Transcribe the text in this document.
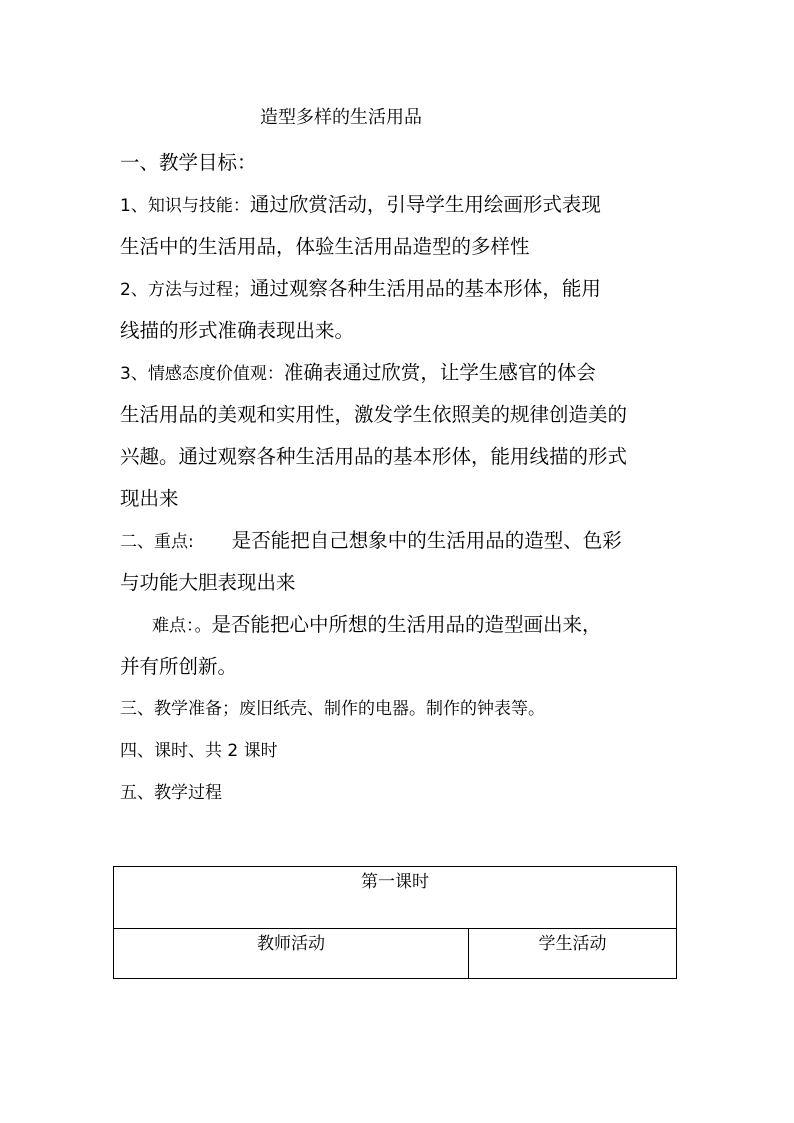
造型多样的生活用品
一、教学目标：
1、知识与技能：通过欣赏活动，引导学生用绘画形式表现
生活中的生活用品，体验生活用品造型的多样性
2、方法与过程；通过观察各种生活用品的基本形体，能用
线描的形式准确表现出来。
3、情感态度价值观：准确表通过欣赏，让学生感官的体会
生活用品的美观和实用性，激发学生依照美的规律创造美的
兴趣。通过观察各种生活用品的基本形体，能用线描的形式
现出来
二、重点: 是否能把自己想象中的生活用品的造型、色彩
与功能大胆表现出来
难点：。是否能把心中所想的生活用品的造型画出来，
并有所创新。
三、教学准备；废旧纸壳、制作的电器。制作的钟表等。
四、课时、共 2 课时
五、教学过程
第一课时
教师活动	学生活动
